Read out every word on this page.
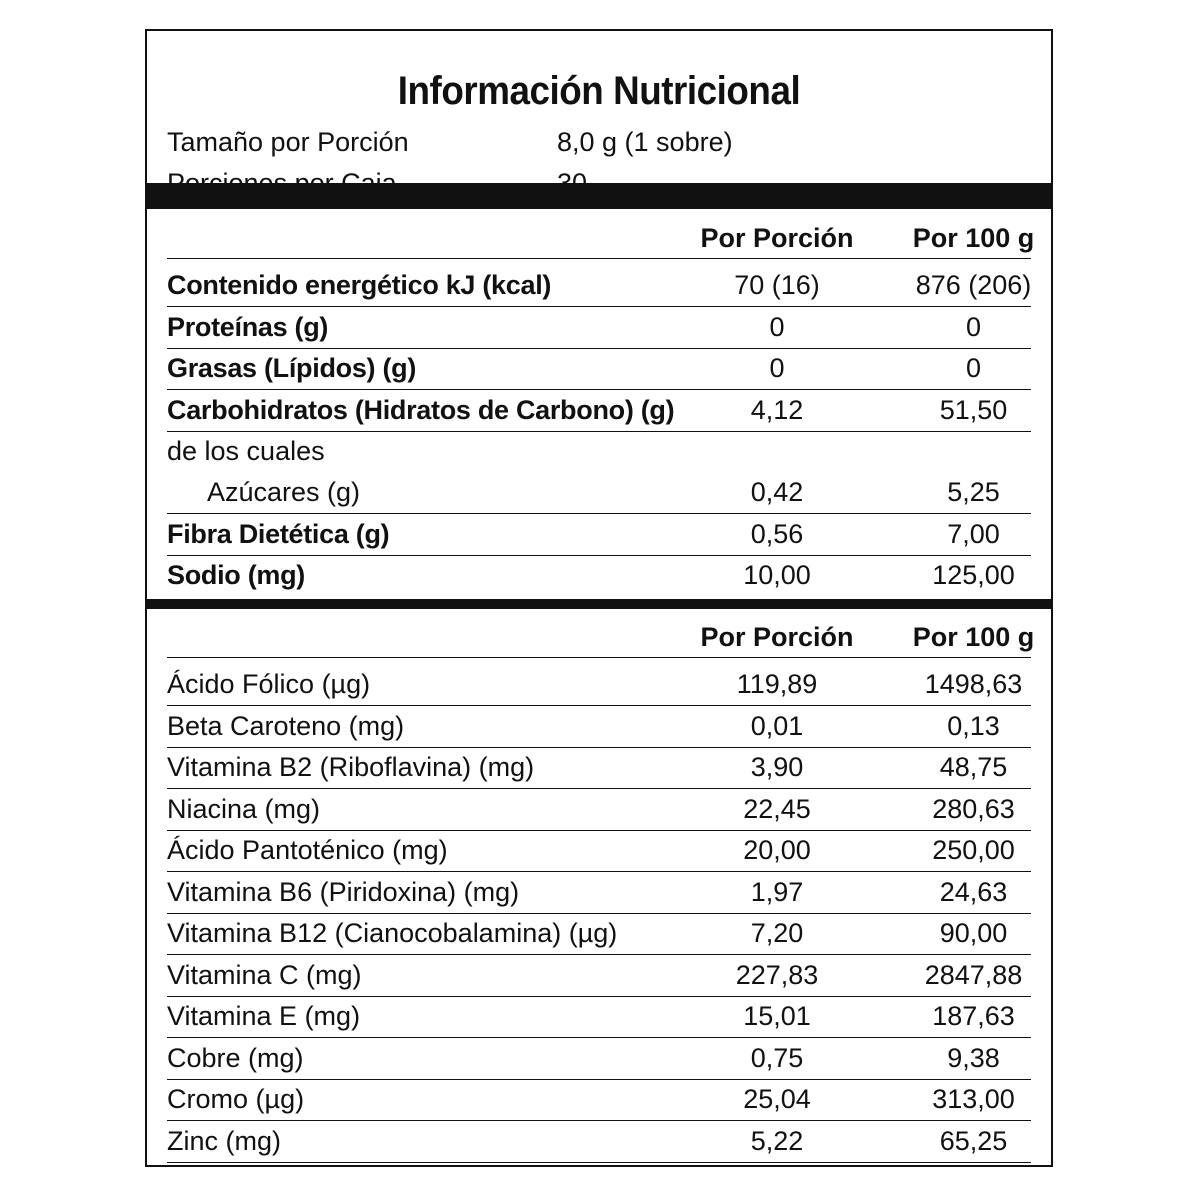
Información Nutricional
Tamaño por Porción	8,0 g (1 sobre)
Por Porción	Por 100 g
Contenido energético kJ (kcal)	70 (16)	876 (206)
Proteínas (g)	0	0
Grasas (Lípidos) (g)	0	0
Carbohidratos (Hidratos de Carbono) (g)	4,12	51,50
de los cuales
Azúcares (g)	0,42	5,25
Fibra Dietética (g)	0,56	7,00
Sodio (mg)	10,00	125,00
Por Porción	Por 100 g
Ácido Fólico (µg)	119,89	1498,63
Beta Caroteno (mg)	0,01	0,13
Vitamina B2 (Riboflavina) (mg)	3,90	48,75
Niacina (mg)	22,45	280,63
Ácido Pantoténico (mg)	20,00	250,00
Vitamina B6 (Piridoxina) (mg)	1,97	24,63
Vitamina B12 (Cianocobalamina) (µg)	7,20	90,00
Vitamina C (mg)	227,83	2847,88
Vitamina E (mg)	15,01	187,63
Cobre (mg)	0,75	9,38
Cromo (µg)	25,04	313,00
Zinc (mg)	5,22	65,25
